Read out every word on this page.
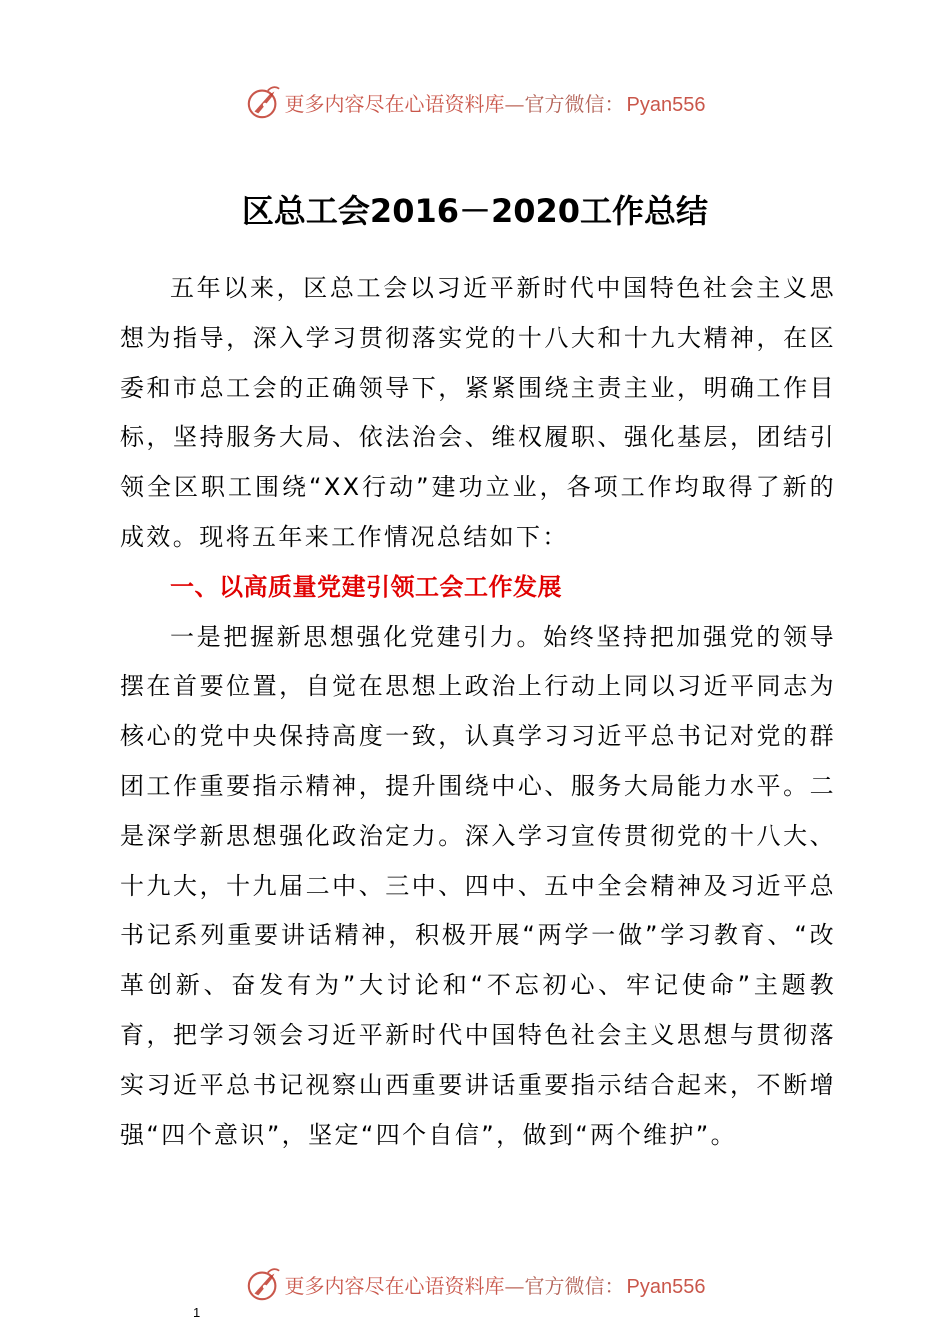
更多内容尽在心语资料库—官方微信： Pyan556
区总工会2016－2020工作总结

五年以来，区总工会以习近平新时代中国特色社会主义思想为指导，深入学习贯彻落实党的十八大和十九大精神，在区委和市总工会的正确领导下，紧紧围绕主责主业，明确工作目标，坚持服务大局、依法治会、维权履职、强化基层，团结引领全区职工围绕“XX行动”建功立业，各项工作均取得了新的成效。现将五年来工作情况总结如下：

一、以高质量党建引领工会工作发展

一是把握新思想强化党建引力。始终坚持把加强党的领导摆在首要位置，自觉在思想上政治上行动上同以习近平同志为核心的党中央保持高度一致，认真学习习近平总书记对党的群团工作重要指示精神，提升围绕中心、服务大局能力水平。二是深学新思想强化政治定力。深入学习宣传贯彻党的十八大、十九大，十九届二中、三中、四中、五中全会精神及习近平总书记系列重要讲话精神，积极开展“两学一做”学习教育、“改革创新、奋发有为”大讨论和“不忘初心、牢记使命”主题教育，把学习领会习近平新时代中国特色社会主义思想与贯彻落实习近平总书记视察山西重要讲话重要指示结合起来，不断增强“四个意识”，坚定“四个自信”，做到“两个维护”。

更多内容尽在心语资料库—官方微信： Pyan556
1
